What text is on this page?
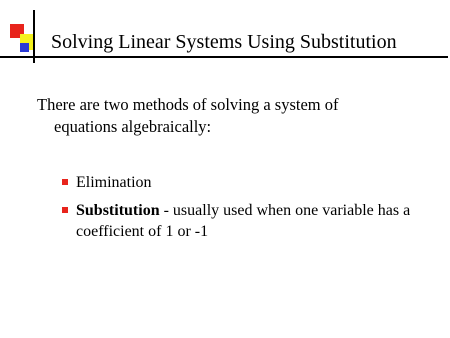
Solving Linear Systems Using Substitution

There are two methods of solving a system of
equations algebraically:

Elimination
Substitution - usually used when one variable has a coefficient of 1 or -1
